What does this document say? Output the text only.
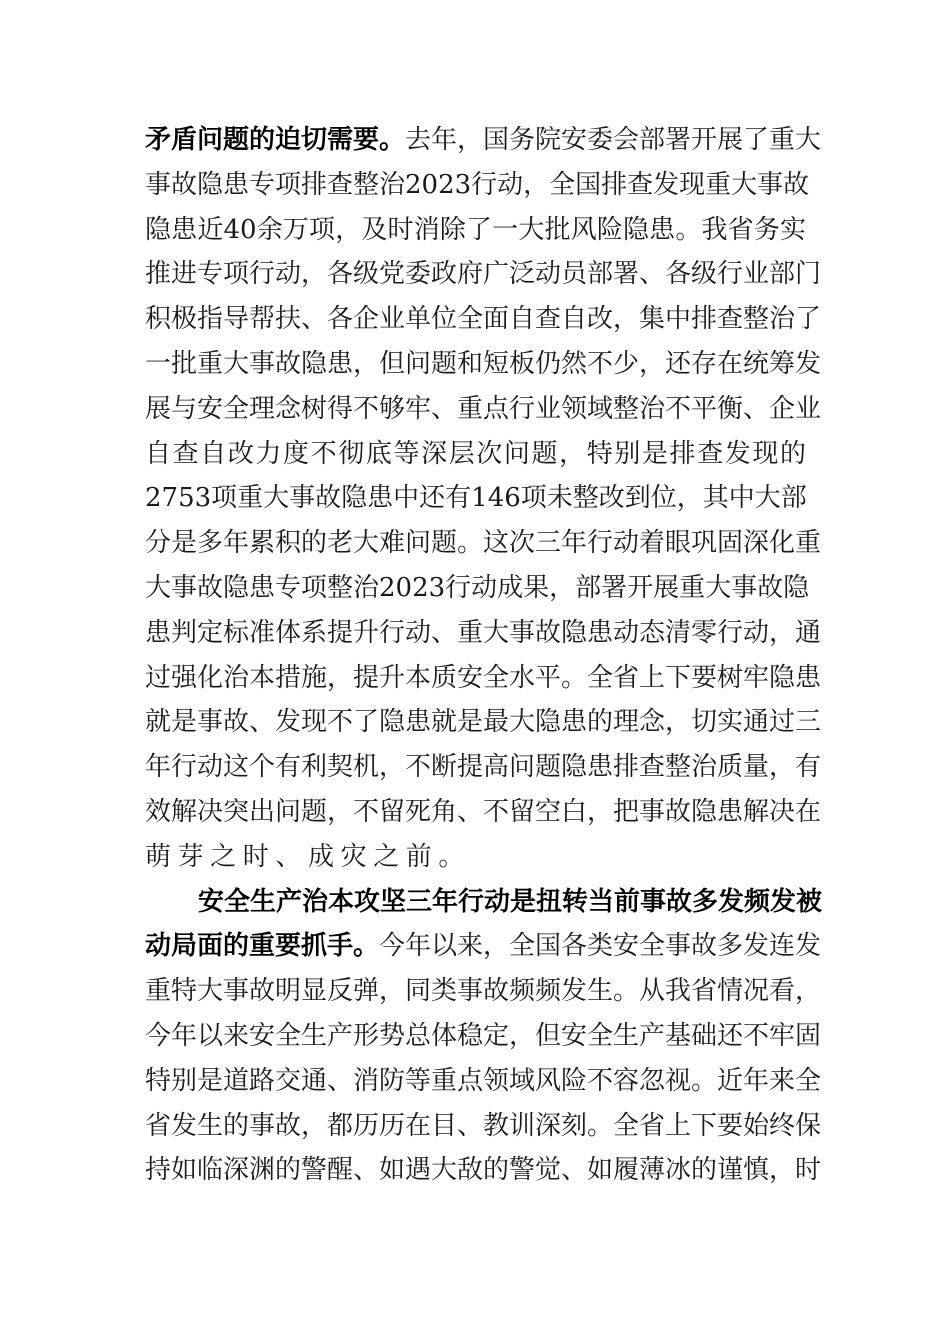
矛盾问题的迫切需要。去年，国务院安委会部署开展了重大
事故隐患专项排查整治2023行动，全国排查发现重大事故
隐患近40余万项，及时消除了一大批风险隐患。我省务实
推进专项行动，各级党委政府广泛动员部署、各级行业部门
积极指导帮扶、各企业单位全面自查自改，集中排查整治了
一批重大事故隐患，但问题和短板仍然不少，还存在统筹发
展与安全理念树得不够牢、重点行业领域整治不平衡、企业
自查自改力度不彻底等深层次问题，特别是排查发现的
2753项重大事故隐患中还有146项未整改到位，其中大部
分是多年累积的老大难问题。这次三年行动着眼巩固深化重
大事故隐患专项整治2023行动成果，部署开展重大事故隐
患判定标准体系提升行动、重大事故隐患动态清零行动，通
过强化治本措施，提升本质安全水平。全省上下要树牢隐患
就是事故、发现不了隐患就是最大隐患的理念，切实通过三
年行动这个有利契机，不断提高问题隐患排查整治质量，有
效解决突出问题，不留死角、不留空白，把事故隐患解决在
萌芽之时、成灾之前。
安全生产治本攻坚三年行动是扭转当前事故多发频发被
动局面的重要抓手。今年以来，全国各类安全事故多发连发
重特大事故明显反弹，同类事故频频发生。从我省情况看，
今年以来安全生产形势总体稳定，但安全生产基础还不牢固
特别是道路交通、消防等重点领域风险不容忽视。近年来全
省发生的事故，都历历在目、教训深刻。全省上下要始终保
持如临深渊的警醒、如遇大敌的警觉、如履薄冰的谨慎，时
